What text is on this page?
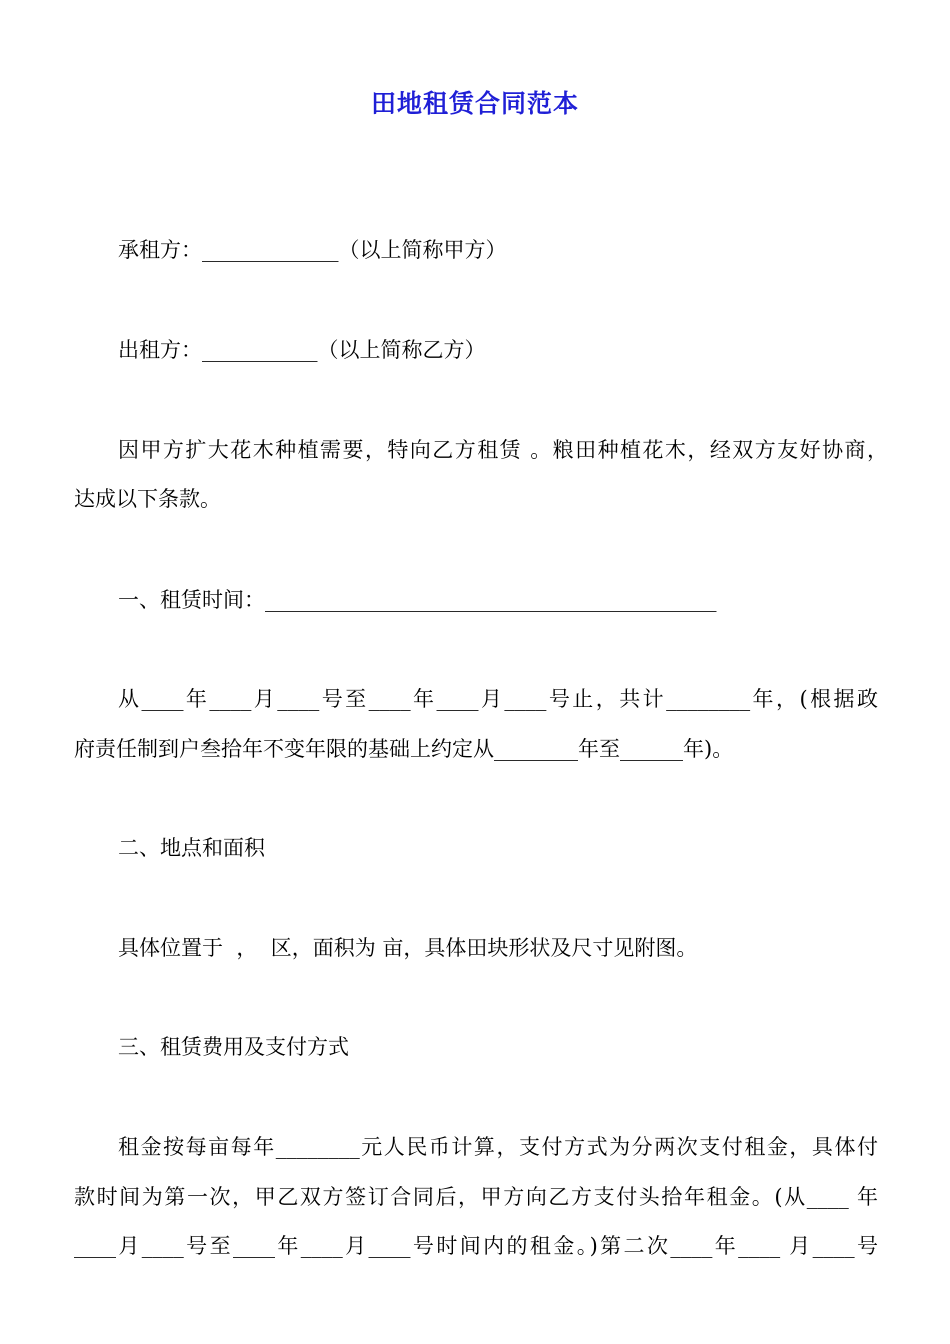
田地租赁合同范本
承租方：_____________（以上简称甲方）
出租方：___________（以上简称乙方）
因甲方扩大花木种植需要，特向乙方租赁 。粮田种植花木，经双方友好协商，
达成以下条款。
一、租赁时间：___________________________________________
从____年____月____号至____年____月____号止，共计________年，(根据政
府责任制到户叁拾年不变年限的基础上约定从________年至______年)。
二、地点和面积
具体位置于  ，  区，面积为 亩，具体田块形状及尺寸见附图。
三、租赁费用及支付方式
租金按每亩每年________元人民币计算，支付方式为分两次支付租金，具体付
款时间为第一次，甲乙双方签订合同后，甲方向乙方支付头拾年租金。(从____ 年
____月____号至____年____月____号时间内的租金。)第二次____年____ 月____号
